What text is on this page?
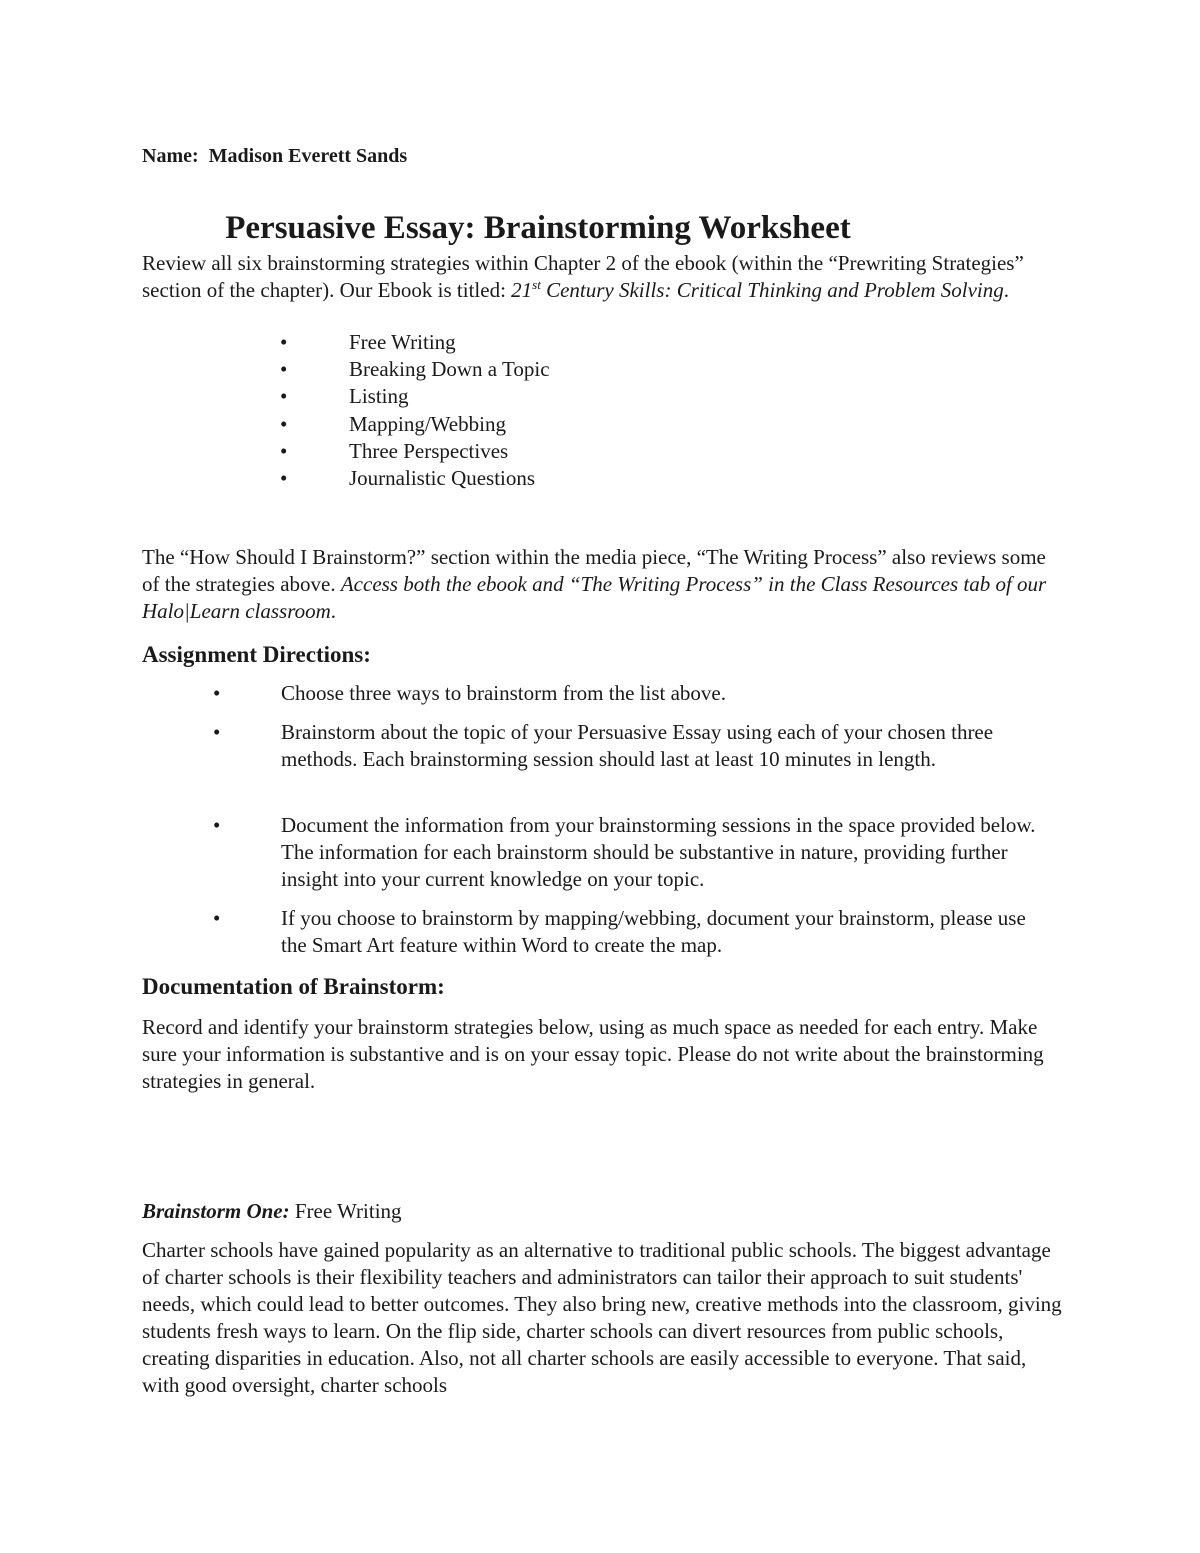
Name: Madison Everett Sands
Persuasive Essay: Brainstorming Worksheet
Review all six brainstorming strategies within Chapter 2 of the ebook (within the “Prewriting Strategies” section of the chapter). Our Ebook is titled: 21st Century Skills: Critical Thinking and Problem Solving.
•	Free Writing
•	Breaking Down a Topic
•	Listing
•	Mapping/Webbing
•	Three Perspectives
•	Journalistic Questions
The “How Should I Brainstorm?” section within the media piece, “The Writing Process” also reviews some of the strategies above. Access both the ebook and “The Writing Process” in the Class Resources tab of our Halo|Learn classroom.
Assignment Directions:
•	Choose three ways to brainstorm from the list above.
•	Brainstorm about the topic of your Persuasive Essay using each of your chosen three methods. Each brainstorming session should last at least 10 minutes in length.
•	Document the information from your brainstorming sessions in the space provided below. The information for each brainstorm should be substantive in nature, providing further insight into your current knowledge on your topic.
•	If you choose to brainstorm by mapping/webbing, document your brainstorm, please use the Smart Art feature within Word to create the map.
Documentation of Brainstorm:
Record and identify your brainstorm strategies below, using as much space as needed for each entry. Make sure your information is substantive and is on your essay topic. Please do not write about the brainstorming strategies in general.
Brainstorm One: Free Writing
Charter schools have gained popularity as an alternative to traditional public schools. The biggest advantage of charter schools is their flexibility teachers and administrators can tailor their approach to suit students' needs, which could lead to better outcomes. They also bring new, creative methods into the classroom, giving students fresh ways to learn. On the flip side, charter schools can divert resources from public schools, creating disparities in education. Also, not all charter schools are easily accessible to everyone. That said, with good oversight, charter schools
